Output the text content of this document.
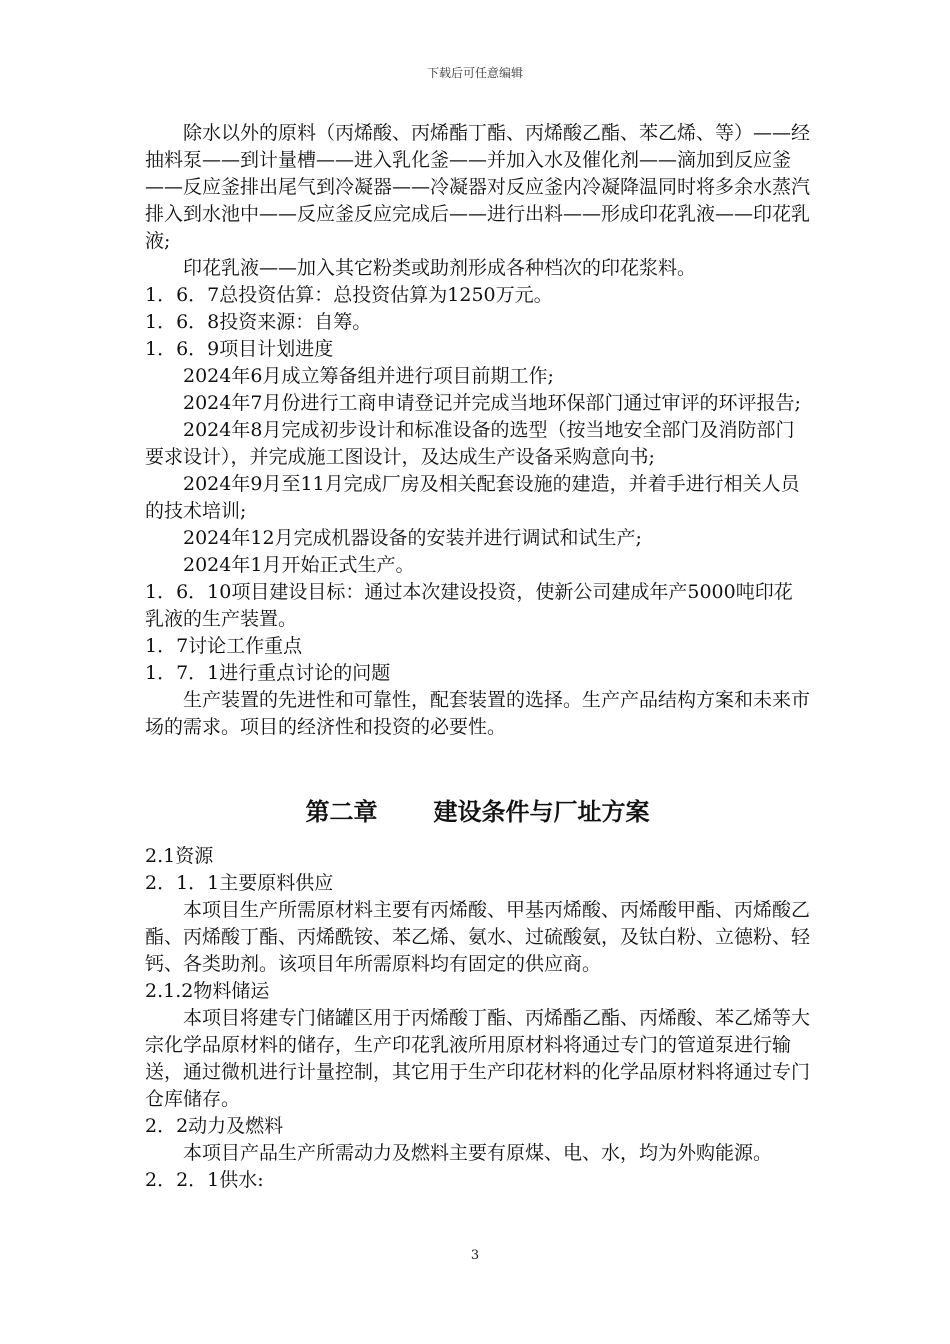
下载后可任意编辑

除水以外的原料（丙烯酸、丙烯酯丁酯、丙烯酸乙酯、苯乙烯、等）——经抽料泵——到计量槽——进入乳化釜——并加入水及催化剂——滴加到反应釜——反应釜排出尾气到冷凝器——冷凝器对反应釜内冷凝降温同时将多余水蒸汽排入到水池中——反应釜反应完成后——进行出料——形成印花乳液——印花乳液;

印花乳液——加入其它粉类或助剂形成各种档次的印花浆料。

1．6．7总投资估算：总投资估算为1250万元。

1．6．8投资来源：自筹。

1．6．9项目计划进度

2024年6月成立筹备组并进行项目前期工作;

2024年7月份进行工商申请登记并完成当地环保部门通过审评的环评报告;

2024年8月完成初步设计和标准设备的选型（按当地安全部门及消防部门要求设计），并完成施工图设计，及达成生产设备采购意向书;

2024年9月至11月完成厂房及相关配套设施的建造，并着手进行相关人员的技术培训;

2024年12月完成机器设备的安装并进行调试和试生产;

2024年1月开始正式生产。

1．6．10项目建设目标：通过本次建设投资，使新公司建成年产5000吨印花乳液的生产装置。

1．7讨论工作重点

1．7．1进行重点讨论的问题

生产装置的先进性和可靠性，配套装置的选择。生产产品结构方案和未来市场的需求。项目的经济性和投资的必要性。

第二章 建设条件与厂址方案

2.1资源

2．1．1主要原料供应

本项目生产所需原材料主要有丙烯酸、甲基丙烯酸、丙烯酸甲酯、丙烯酸乙酯、丙烯酸丁酯、丙烯酰铵、苯乙烯、氨水、过硫酸氨，及钛白粉、立德粉、轻钙、各类助剂。该项目年所需原料均有固定的供应商。

2.1.2物料储运

本项目将建专门储罐区用于丙烯酸丁酯、丙烯酯乙酯、丙烯酸、苯乙烯等大宗化学品原材料的储存，生产印花乳液所用原材料将通过专门的管道泵进行输送，通过微机进行计量控制，其它用于生产印花材料的化学品原材料将通过专门仓库储存。

2．2动力及燃料

本项目产品生产所需动力及燃料主要有原煤、电、水，均为外购能源。

2．2．1供水:

3
